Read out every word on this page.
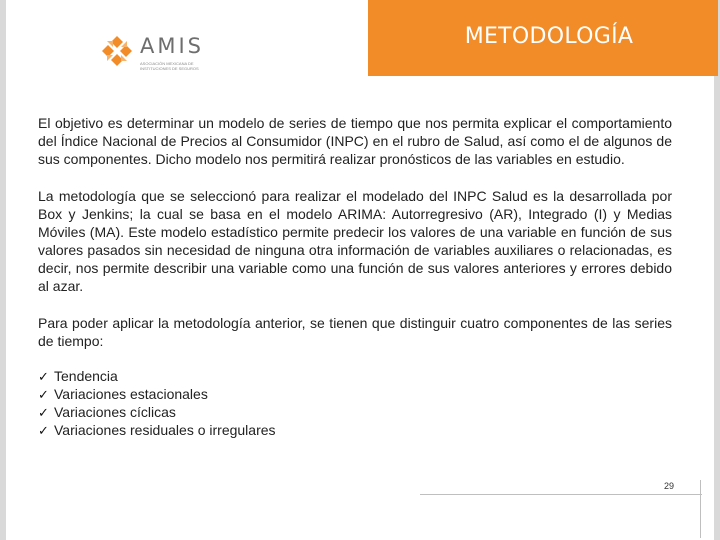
AMIS
ASOCIACIÓN MEXICANA DE INSTITUCIONES DE SEGUROS
METODOLOGÍA

El objetivo es determinar un modelo de series de tiempo que nos permita explicar el comportamiento del Índice Nacional de Precios al Consumidor (INPC) en el rubro de Salud, así como el de algunos de sus componentes. Dicho modelo nos permitirá realizar pronósticos de las variables en estudio.

La metodología que se seleccionó para realizar el modelado del INPC Salud es la desarrollada por Box y Jenkins; la cual se basa en el modelo ARIMA: Autorregresivo (AR), Integrado (I) y Medias Móviles (MA). Este modelo estadístico permite predecir los valores de una variable en función de sus valores pasados sin necesidad de ninguna otra información de variables auxiliares o relacionadas, es decir, nos permite describir una variable como una función de sus valores anteriores y errores debido al azar.

Para poder aplicar la metodología anterior, se tienen que distinguir cuatro componentes de las series de tiempo:

✓ Tendencia
✓ Variaciones estacionales
✓ Variaciones cíclicas
✓ Variaciones residuales o irregulares
29
